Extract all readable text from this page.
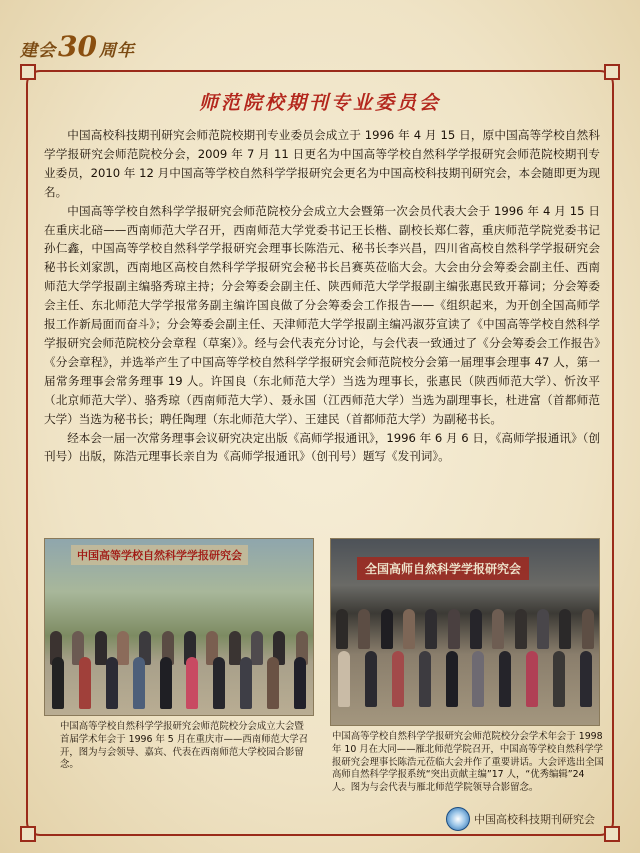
建会 30 周年
师范院校期刊专业委员会

中国高校科技期刊研究会师范院校期刊专业委员会成立于 1996 年 4 月 15 日，原中国高等学校自然科学学报研究会师范院校分会，2009 年 7 月 11 日更名为中国高等学校自然科学学报研究会师范院校期刊专业委员，2010 年 12 月中国高等学校自然科学学报研究会更名为中国高校科技期刊研究会，本会随即更为现名。

中国高等学校自然科学学报研究会师范院校分会成立大会暨第一次会员代表大会于 1996 年 4 月 15 日在重庆北碚——西南师范大学召开，西南师范大学党委书记王长楷、副校长郑仁蓉，重庆师范学院党委书记孙仁鑫，中国高等学校自然科学学报研究会理事长陈浩元、秘书长李兴昌，四川省高校自然科学学报研究会秘书长刘家凯，西南地区高校自然科学学报研究会秘书长吕赛英莅临大会。大会由分会筹委会副主任、西南师范大学学报副主编骆秀琼主持；分会筹委会副主任、陕西师范大学学报副主编张惠民致开幕词；分会筹委会主任、东北师范大学学报常务副主编许国良做了分会筹委会工作报告——《组织起来，为开创全国高师学报工作新局面而奋斗》；分会筹委会副主任、天津师范大学学报副主编冯淑芬宣读了《中国高等学校自然科学学报研究会师范院校分会章程（草案）》。经与会代表充分讨论，与会代表一致通过了《分会筹委会工作报告》《分会章程》，并选举产生了中国高等学校自然科学学报研究会师范院校分会第一届理事会理事 47 人，第一届常务理事会常务理事 19 人。许国良（东北师范大学）当选为理事长，张惠民（陕西师范大学）、忻汝平（北京师范大学）、骆秀琼（西南师范大学）、聂永国（江西师范大学）当选为副理事长，杜进富（首都师范大学）当选为秘书长；聘任陶理（东北师范大学）、王建民（首都师范大学）为副秘书长。

经本会一届一次常务理事会议研究决定出版《高师学报通讯》，1996 年 6 月 6 日，《高师学报通讯》（创刊号）出版，陈浩元理事长亲自为《高师学报通讯》（创刊号）题写《发刊词》。

中国高等学校自然科学学报研究会
中国高等学校自然科学学报研究会师范院校分会成立大会暨首届学术年会于 1996 年 5 月在重庆市——西南师范大学召开，图为与会领导、嘉宾、代表在西南师范大学校园合影留念。
全国高师自然科学学报研究会
中国高等学校自然科学学报研究会师范院校分会学术年会于 1998 年 10 月在大同——雁北师范学院召开，中国高等学校自然科学学报研究会理事长陈浩元莅临大会并作了重要讲话。大会评选出全国高师自然科学学报系统“突出贡献主编”17 人，“优秀编辑”24 人。图为与会代表与雁北师范学院领导合影留念。
中国高校科技期刊研究会
